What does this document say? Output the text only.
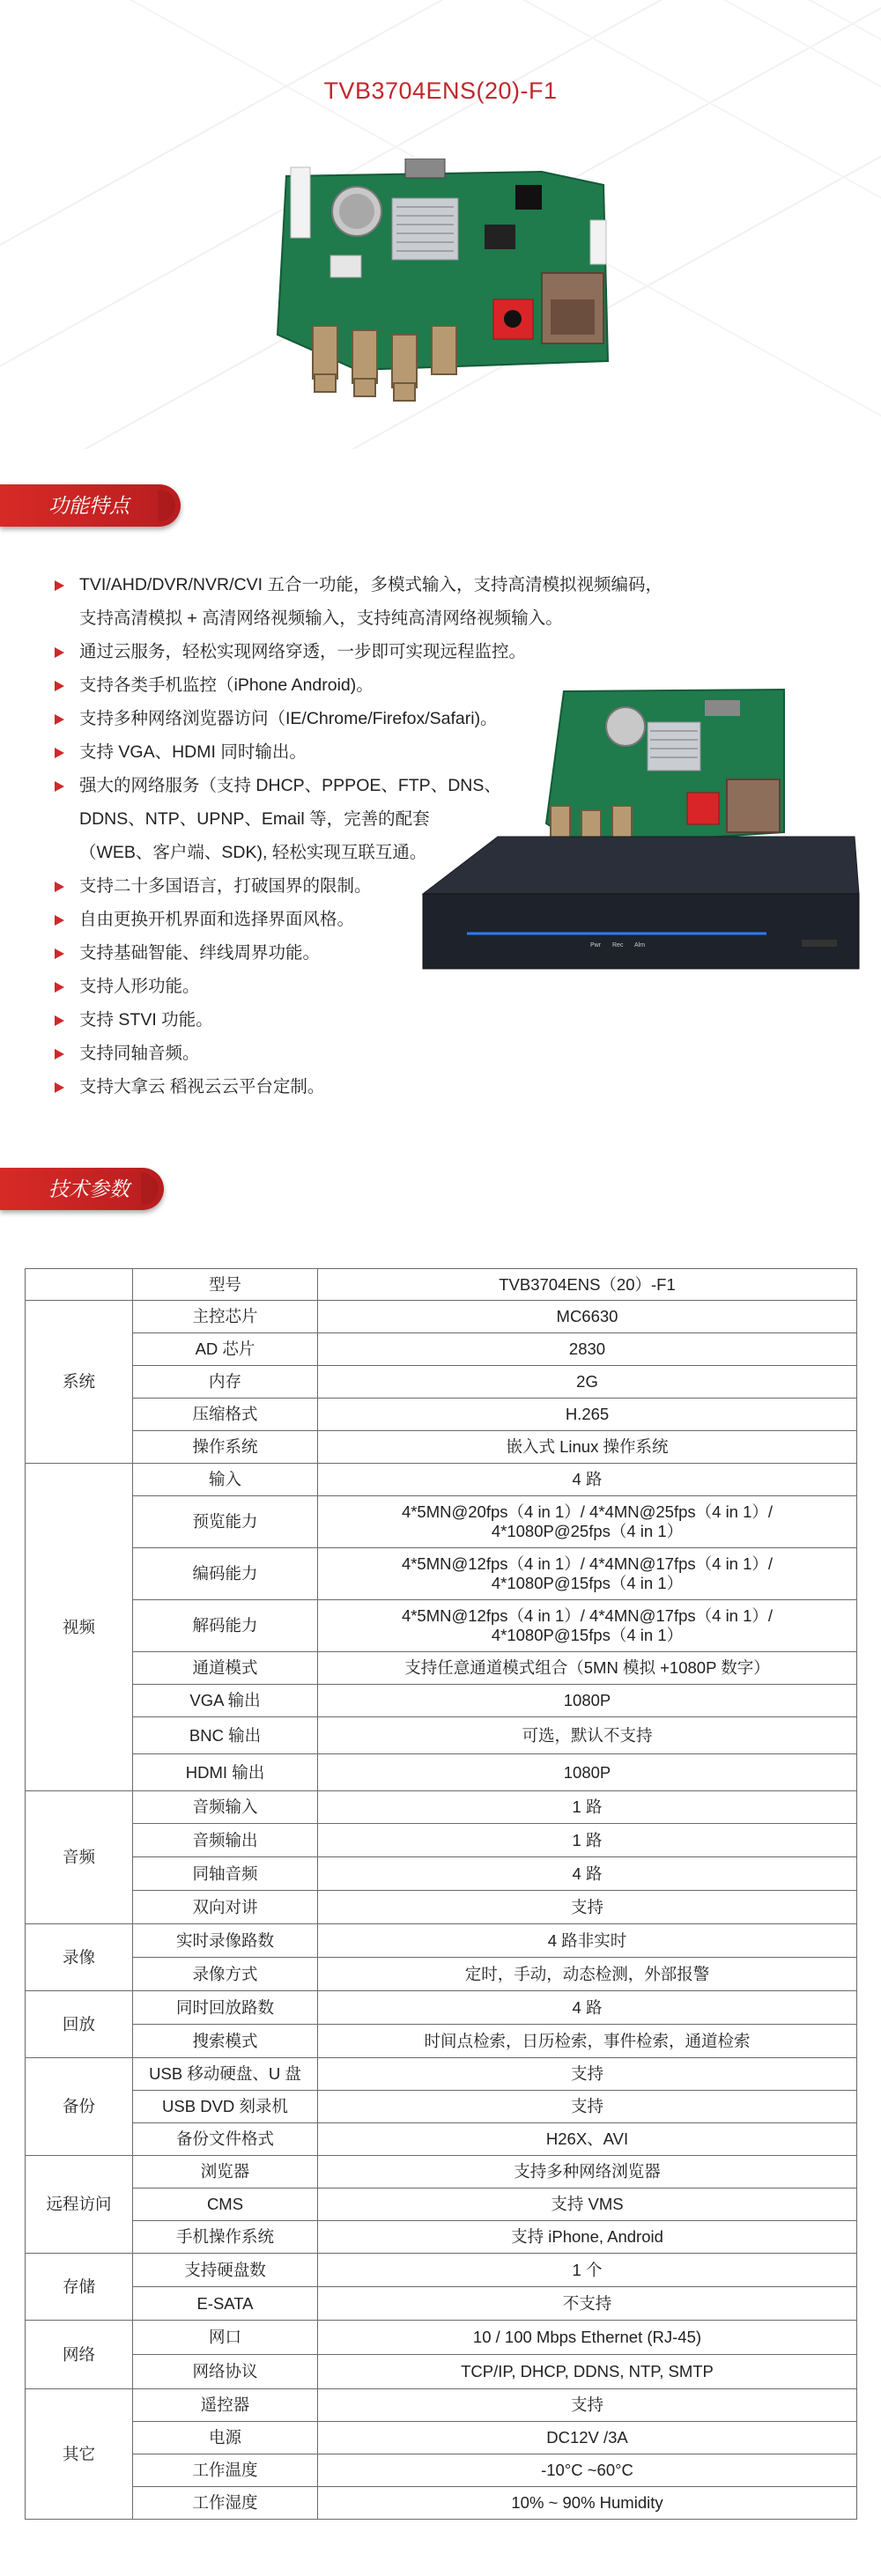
TVB3704ENS(20)-F1
功能特点
TVI/AHD/DVR/NVR/CVI 五合一功能，多模式输入，支持高清模拟视频编码，
支持高清模拟 + 高清网络视频输入，支持纯高清网络视频输入。
通过云服务，轻松实现网络穿透，一步即可实现远程监控。
支持各类手机监控（iPhone Android)。
支持多种网络浏览器访问（IE/Chrome/Firefox/Safari)。
支持 VGA、HDMI 同时输出。
强大的网络服务（支持 DHCP、PPPOE、FTP、DNS、
DDNS、NTP、UPNP、Email 等，完善的配套
（WEB、客户端、SDK), 轻松实现互联互通。
支持二十多国语言，打破国界的限制。
自由更换开机界面和选择界面风格。
支持基础智能、绊线周界功能。
支持人形功能。
支持 STVI 功能。
支持同轴音频。
支持大拿云 稻视云云平台定制。
Pwr Rec Alm
技术参数
	型号	TVB3704ENS（20）-F1
系统	主控芯片	MC6630
	AD 芯片	2830
	内存	2G
	压缩格式	H.265
	操作系统	嵌入式 Linux 操作系统
视频	输入	4 路
	预览能力	4*5MN@20fps（4 in 1）/ 4*4MN@25fps（4 in 1）/
4*1080P@25fps（4 in 1）

	编码能力	4*5MN@12fps（4 in 1）/ 4*4MN@17fps（4 in 1）/
4*1080P@15fps（4 in 1）

	解码能力	4*5MN@12fps（4 in 1）/ 4*4MN@17fps（4 in 1）/
4*1080P@15fps（4 in 1）

	通道模式	支持任意通道模式组合（5MN 模拟 +1080P 数字）
	VGA 输出	1080P
	BNC 输出	可选，默认不支持
	HDMI 输出	1080P
音频	音频输入	1 路
	音频输出	1 路
	同轴音频	4 路
	双向对讲	支持
录像	实时录像路数	4 路非实时
	录像方式	定时，手动，动态检测，外部报警
回放	同时回放路数	4 路
	搜索模式	时间点检索，日历检索，事件检索，通道检索
备份	USB 移动硬盘、U 盘	支持
	USB DVD 刻录机	支持
	备份文件格式	H26X、AVI
远程访问	浏览器	支持多种网络浏览器
	CMS	支持 VMS
	手机操作系统	支持 iPhone, Android
存储	支持硬盘数	1 个
	E-SATA	不支持
网络	网口	10 / 100 Mbps Ethernet (RJ-45)
	网络协议	TCP/IP, DHCP, DDNS, NTP, SMTP
其它	遥控器	支持
	电源	DC12V /3A
	工作温度	-10°C ~60°C
	工作湿度	10% ~ 90% Humidity
